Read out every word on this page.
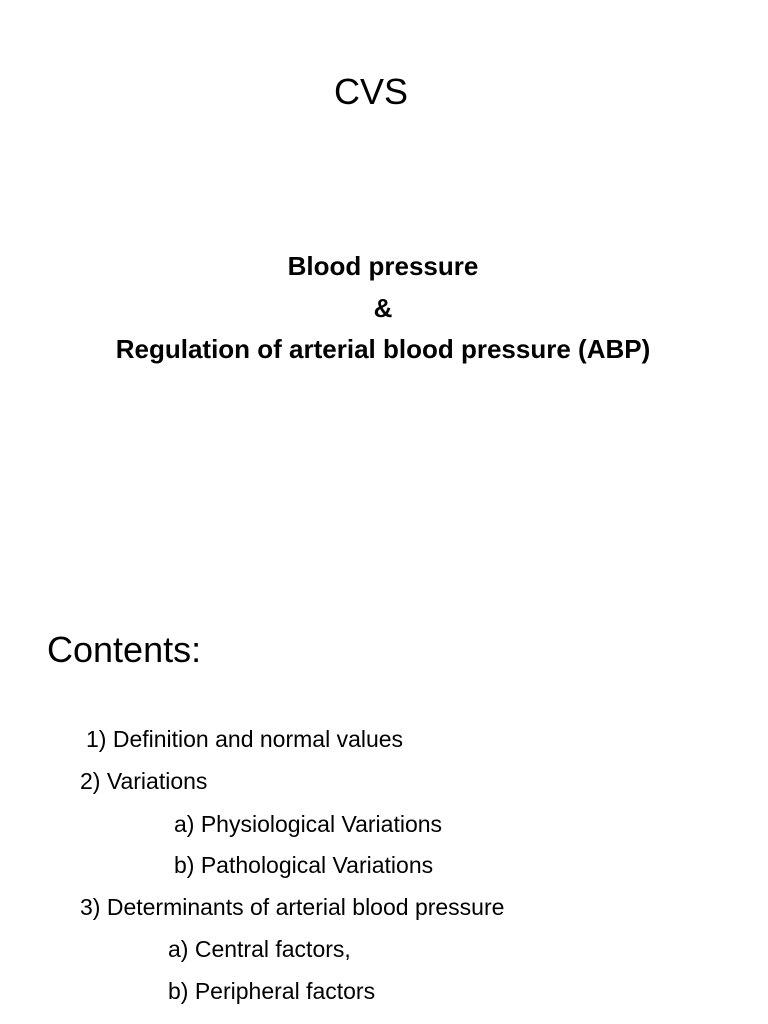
CVS
Blood pressure
&
Regulation of arterial blood pressure (ABP)
Contents:
1) Definition and normal values
2) Variations
a) Physiological Variations
b) Pathological Variations
3) Determinants of arterial blood pressure
a) Central factors,
b) Peripheral factors
